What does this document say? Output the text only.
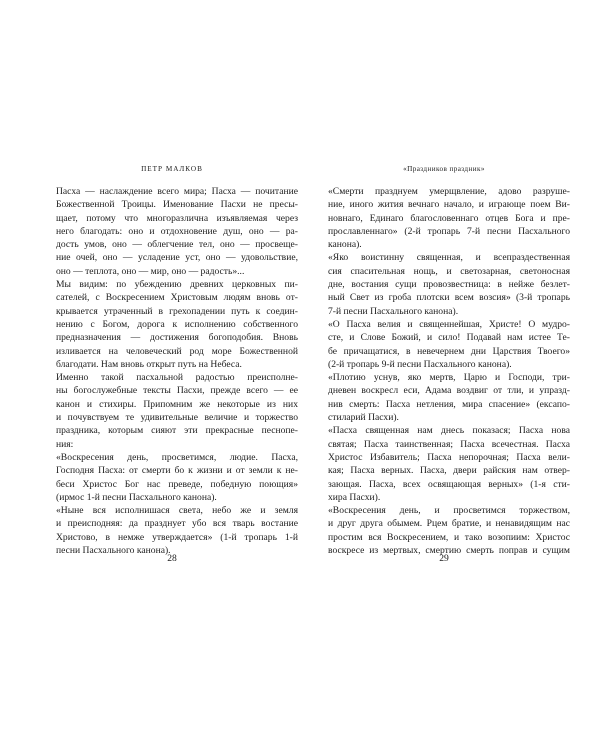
ПЕТР МАЛКОВ

Пасха — наслаждение всего мира; Пасха — почитание
Божественной Троицы. Именование Пасхи не пресы-
щает, потому что многоразлична изъявляемая через
него благодать: оно и отдохновение душ, оно — ра-
дость умов, оно — облегчение тел, оно — просвеще-
ние очей, оно — усладение уст, оно — удовольствие,
оно — теплота, оно — мир, оно — радость»...

Мы видим: по убеждению древних церковных пи-
сателей, с Воскресением Христовым людям вновь от-
крывается утраченный в грехопадении путь к соедин-
нению с Богом, дорога к исполнению собственного
предназначения — достижения богоподобия. Вновь
изливается на человеческий род море Божественной
благодати. Нам вновь открыт путь на Небеса.

Именно такой пасхальной радостью преисполне-
ны богослужебные тексты Пасхи, прежде всего — ее
канон и стихиры. Припомним же некоторые из них
и почувствуем те удивительные величие и торжество
праздника, которым сияют эти прекрасные песнопе-
ния:

«Воскресения день, просветимся, людие. Пасха,
Господня Пасха: от смерти бо к жизни и от земли к не-
беси Христос Бог нас преведе, победную поющия»
(ирмос 1-й песни Пасхального канона).

«Ныне вся исполнишася света, небо же и земля
и преисподняя: да празднует убо вся тварь востание
Христово, в немже утверждается» (1-й тропарь 1-й
песни Пасхального канона).

28
«Праздников праздник»

«Смерти празднуем умерщвление, адово разруше-
ние, иного жития вечнаго начало, и играюще поем Ви-
новнаго, Единаго благословеннаго отцев Бога и пре-
прославленнаго» (2-й тропарь 7-й песни Пасхального
канона).

«Яко воистинну священная, и всепраздественная
сия спасительная нощь, и светозарная, светоносная
дне, востания сущи провозвестница: в нейже безлет-
ный Свет из гроба плотски всем возсия» (3-й тропарь
7-й песни Пасхального канона).

«О Пасха велия и священнейшая, Христе! О мудро-
сте, и Слове Божий, и сило! Подавай нам истее Те-
бе причащатися, в невечернем дни Царствия Твоего»
(2-й тропарь 9-й песни Пасхального канона).

«Плотию уснув, яко мертв, Царю и Господи, три-
дневен воскресл еси, Адама воздвиг от тли, и упразд-
нив смерть: Пасха нетления, мира спасение» (ексапо-
стиларий Пасхи).

«Пасха священная нам днесь показася; Пасха нова
святая; Пасха таинственная; Пасха всечестная. Пасха
Христос Избавитель; Пасха непорочная; Пасха вели-
кая; Пасха верных. Пасха, двери райския нам отвер-
зающая. Пасха, всех освящающая верных» (1-я сти-
хира Пасхи).

«Воскресения день, и просветимся торжеством,
и друг друга обымем. Рцем братие, и ненавидящим нас
простим вся Воскресением, и тако возопиим: Христос
воскресе из мертвых, смертию смерть поправ и сущим

29
